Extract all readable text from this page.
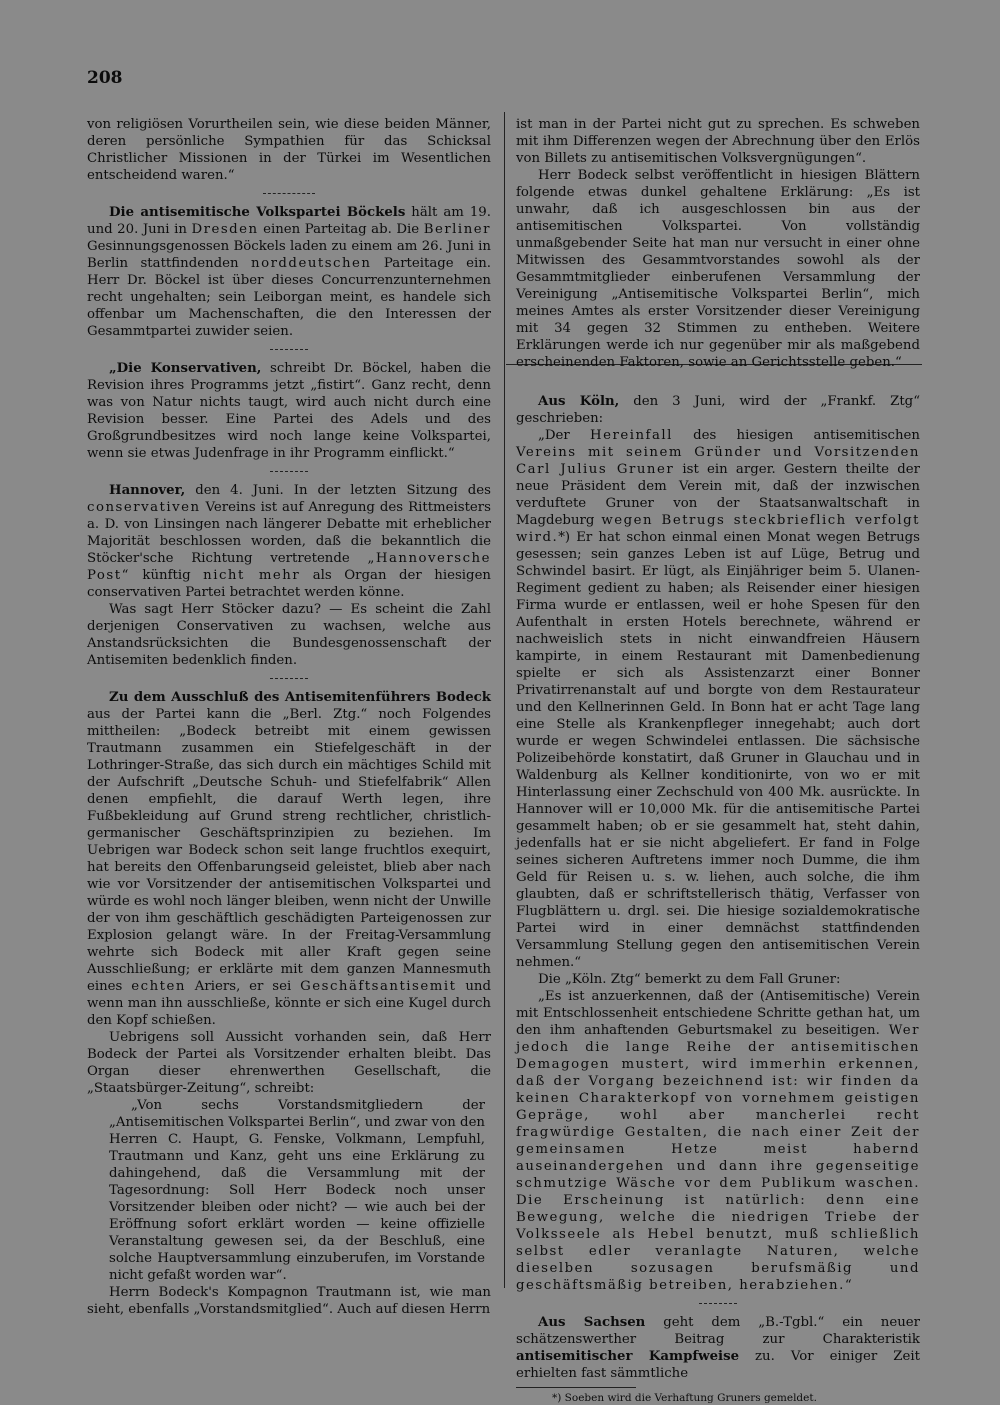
208

von religiösen Vorurtheilen sein, wie diese beiden Männer, deren persönliche Sympathien für das Schicksal Christlicher Missionen in der Türkei im Wesentlichen entscheidend waren.“

Die antisemitische Volkspartei Böckels hält am 19. und 20. Juni in Dresden einen Parteitag ab. Die Berliner Gesinnungsgenossen Böckels laden zu einem am 26. Juni in Berlin stattfindenden norddeutschen Parteitage ein. Herr Dr. Böckel ist über dieses Concurrenzunternehmen recht ungehalten; sein Leiborgan meint, es handele sich offenbar um Machenschaften, die den Interessen der Gesammtpartei zuwider seien.

„Die Konservativen, schreibt Dr. Böckel, haben die Revision ihres Programms jetzt „fistirt“. Ganz recht, denn was von Natur nichts taugt, wird auch nicht durch eine Revision besser. Eine Partei des Adels und des Großgrundbesitzes wird noch lange keine Volkspartei, wenn sie etwas Judenfrage in ihr Programm einflickt.“

Hannover, den 4. Juni. In der letzten Sitzung des conservativen Vereins ist auf Anregung des Rittmeisters a. D. von Linsingen nach längerer Debatte mit erheblicher Majorität beschlossen worden, daß die bekanntlich die Stöcker'sche Richtung vertretende „Hannoversche Post“ künftig nicht mehr als Organ der hiesigen conservativen Partei betrachtet werden könne.

Was sagt Herr Stöcker dazu? — Es scheint die Zahl derjenigen Conservativen zu wachsen, welche aus Anstandsrücksichten die Bundesgenossenschaft der Antisemiten bedenklich finden.

Zu dem Ausschluß des Antisemitenführers Bodeck aus der Partei kann die „Berl. Ztg.“ noch Folgendes mittheilen: „Bodeck betreibt mit einem gewissen Trautmann zusammen ein Stiefelgeschäft in der Lothringer-Straße, das sich durch ein mächtiges Schild mit der Aufschrift „Deutsche Schuh- und Stiefelfabrik“ Allen denen empfiehlt, die darauf Werth legen, ihre Fußbekleidung auf Grund streng rechtlicher, christlich-germanischer Geschäftsprinzipien zu beziehen. Im Uebrigen war Bodeck schon seit lange fruchtlos exequirt, hat bereits den Offenbarungseid geleistet, blieb aber nach wie vor Vorsitzender der antisemitischen Volkspartei und würde es wohl noch länger bleiben, wenn nicht der Unwille der von ihm geschäftlich geschädigten Parteigenossen zur Explosion gelangt wäre. In der Freitag-Versammlung wehrte sich Bodeck mit aller Kraft gegen seine Ausschließung; er erklärte mit dem ganzen Mannesmuth eines echten Ariers, er sei Geschäftsantisemit und wenn man ihn ausschließe, könnte er sich eine Kugel durch den Kopf schießen.

Uebrigens soll Aussicht vorhanden sein, daß Herr Bodeck der Partei als Vorsitzender erhalten bleibt. Das Organ dieser ehrenwerthen Gesellschaft, die „Staatsbürger-Zeitung“, schreibt:

„Von sechs Vorstandsmitgliedern der „Antisemitischen Volkspartei Berlin“, und zwar von den Herren C. Haupt, G. Fenske, Volkmann, Lempfuhl, Trautmann und Kanz, geht uns eine Erklärung zu dahingehend, daß die Versammlung mit der Tagesordnung: Soll Herr Bodeck noch unser Vorsitzender bleiben oder nicht? — wie auch bei der Eröffnung sofort erklärt worden — keine offizielle Veranstaltung gewesen sei, da der Beschluß, eine solche Hauptversammlung einzuberufen, im Vorstande nicht gefaßt worden war“.

Herrn Bodeck's Kompagnon Trautmann ist, wie man sieht, ebenfalls „Vorstandsmitglied“. Auch auf diesen Herrn

ist man in der Partei nicht gut zu sprechen. Es schweben mit ihm Differenzen wegen der Abrechnung über den Erlös von Billets zu antisemitischen Volksvergnügungen“.

Herr Bodeck selbst veröffentlicht in hiesigen Blättern folgende etwas dunkel gehaltene Erklärung: „Es ist unwahr, daß ich ausgeschlossen bin aus der antisemitischen Volkspartei. Von vollständig unmaßgebender Seite hat man nur versucht in einer ohne Mitwissen des Gesammtvorstandes sowohl als der Gesammtmitglieder einberufenen Versammlung der Vereinigung „Antisemitische Volkspartei Berlin“, mich meines Amtes als erster Vorsitzender dieser Vereinigung mit 34 gegen 32 Stimmen zu entheben. Weitere Erklärungen werde ich nur gegenüber mir als maßgebend erscheinenden Faktoren, sowie an Gerichtsstelle geben.“

Aus Köln, den 3 Juni, wird der „Frankf. Ztg“ geschrieben:

„Der Hereinfall des hiesigen antisemitischen Vereins mit seinem Gründer und Vorsitzenden Carl Julius Gruner ist ein arger. Gestern theilte der neue Präsident dem Verein mit, daß der inzwischen verduftete Gruner von der Staatsanwaltschaft in Magdeburg wegen Betrugs steckbrieflich verfolgt wird.*) Er hat schon einmal einen Monat wegen Betrugs gesessen; sein ganzes Leben ist auf Lüge, Betrug und Schwindel basirt. Er lügt, als Einjähriger beim 5. Ulanen-Regiment gedient zu haben; als Reisender einer hiesigen Firma wurde er entlassen, weil er hohe Spesen für den Aufenthalt in ersten Hotels berechnete, während er nachweislich stets in nicht einwandfreien Häusern kampirte, in einem Restaurant mit Damenbedienung spielte er sich als Assistenzarzt einer Bonner Privatirrenanstalt auf und borgte von dem Restaurateur und den Kellnerinnen Geld. In Bonn hat er acht Tage lang eine Stelle als Krankenpfleger innegehabt; auch dort wurde er wegen Schwindelei entlassen. Die sächsische Polizeibehörde konstatirt, daß Gruner in Glauchau und in Waldenburg als Kellner konditionirte, von wo er mit Hinterlassung einer Zechschuld von 400 Mk. ausrückte. In Hannover will er 10,000 Mk. für die antisemitische Partei gesammelt haben; ob er sie gesammelt hat, steht dahin, jedenfalls hat er sie nicht abgeliefert. Er fand in Folge seines sicheren Auftretens immer noch Dumme, die ihm Geld für Reisen u. s. w. liehen, auch solche, die ihm glaubten, daß er schriftstellerisch thätig, Verfasser von Flugblättern u. drgl. sei. Die hiesige sozialdemokratische Partei wird in einer demnächst stattfindenden Versammlung Stellung gegen den antisemitischen Verein nehmen.“

Die „Köln. Ztg“ bemerkt zu dem Fall Gruner:

„Es ist anzuerkennen, daß der (Antisemitische) Verein mit Entschlossenheit entschiedene Schritte gethan hat, um den ihm anhaftenden Geburtsmakel zu beseitigen. Wer jedoch die lange Reihe der antisemitischen Demagogen mustert, wird immerhin erkennen, daß der Vorgang bezeichnend ist: wir finden da keinen Charakterkopf von vornehmem geistigen Gepräge, wohl aber mancherlei recht fragwürdige Gestalten, die nach einer Zeit der gemeinsamen Hetze meist habernd auseinandergehen und dann ihre gegenseitige schmutzige Wäsche vor dem Publikum waschen. Die Erscheinung ist natürlich: denn eine Bewegung, welche die niedrigen Triebe der Volksseele als Hebel benutzt, muß schließlich selbst edler veranlagte Naturen, welche dieselben sozusagen berufsmäßig und geschäftsmäßig betreiben, herabziehen.“

Aus Sachsen geht dem „B.-Tgbl.“ ein neuer schätzenswerther Beitrag zur Charakteristik antisemitischer Kampfweise zu. Vor einiger Zeit erhielten fast sämmtliche

*) Soeben wird die Verhaftung Gruners gemeldet.
